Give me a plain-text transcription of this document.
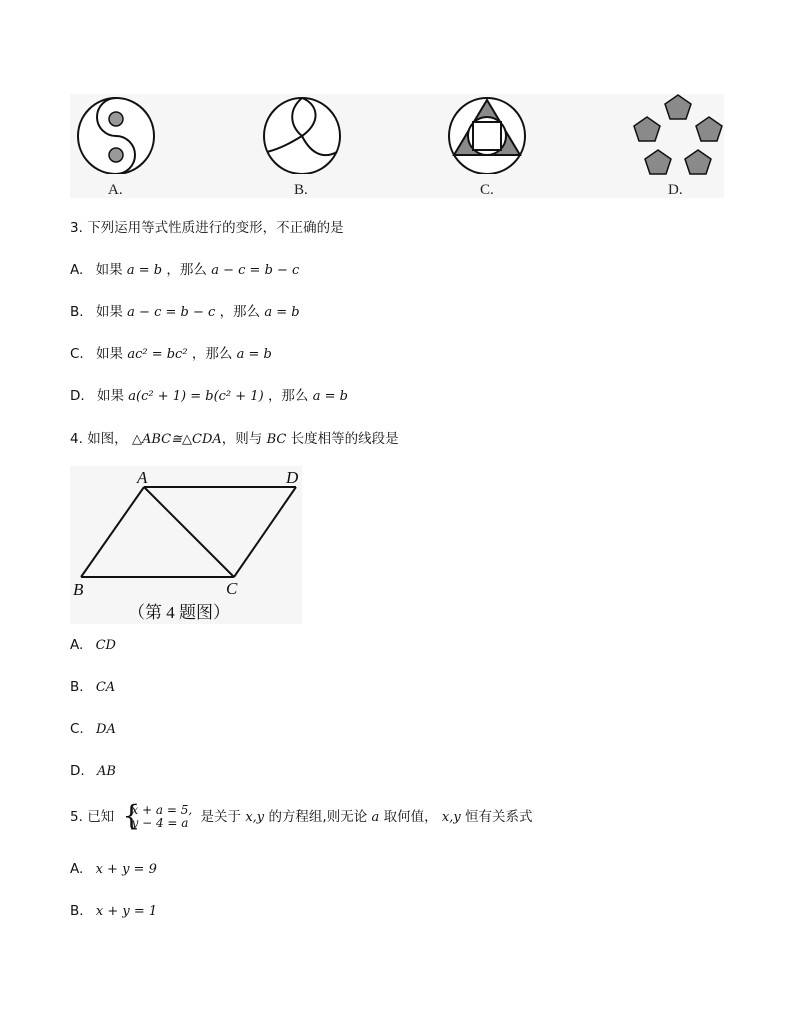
A.	B.	C.	D.
3. 下列运用等式性质进行的变形，不正确的是
A. 如果 a = b ，那么 a − c = b − c
B. 如果 a − c = b − c ，那么 a = b
C. 如果 ac² = bc² ，那么 a = b
D. 如果 a(c² + 1) = b(c² + 1) ，那么 a = b
4. 如图， △ABC≅△CDA，则与 BC 长度相等的线段是
A	D
B	C
（第 4 题图）
A. CD
B. CA
C. DA
D. AB
5. 已知 {
x + a = 5,
y − 4 = a 是关于 x,y 的方程组,则无论 a 取何值， x,y 恒有关系式
A. x + y = 9
B. x + y = 1
